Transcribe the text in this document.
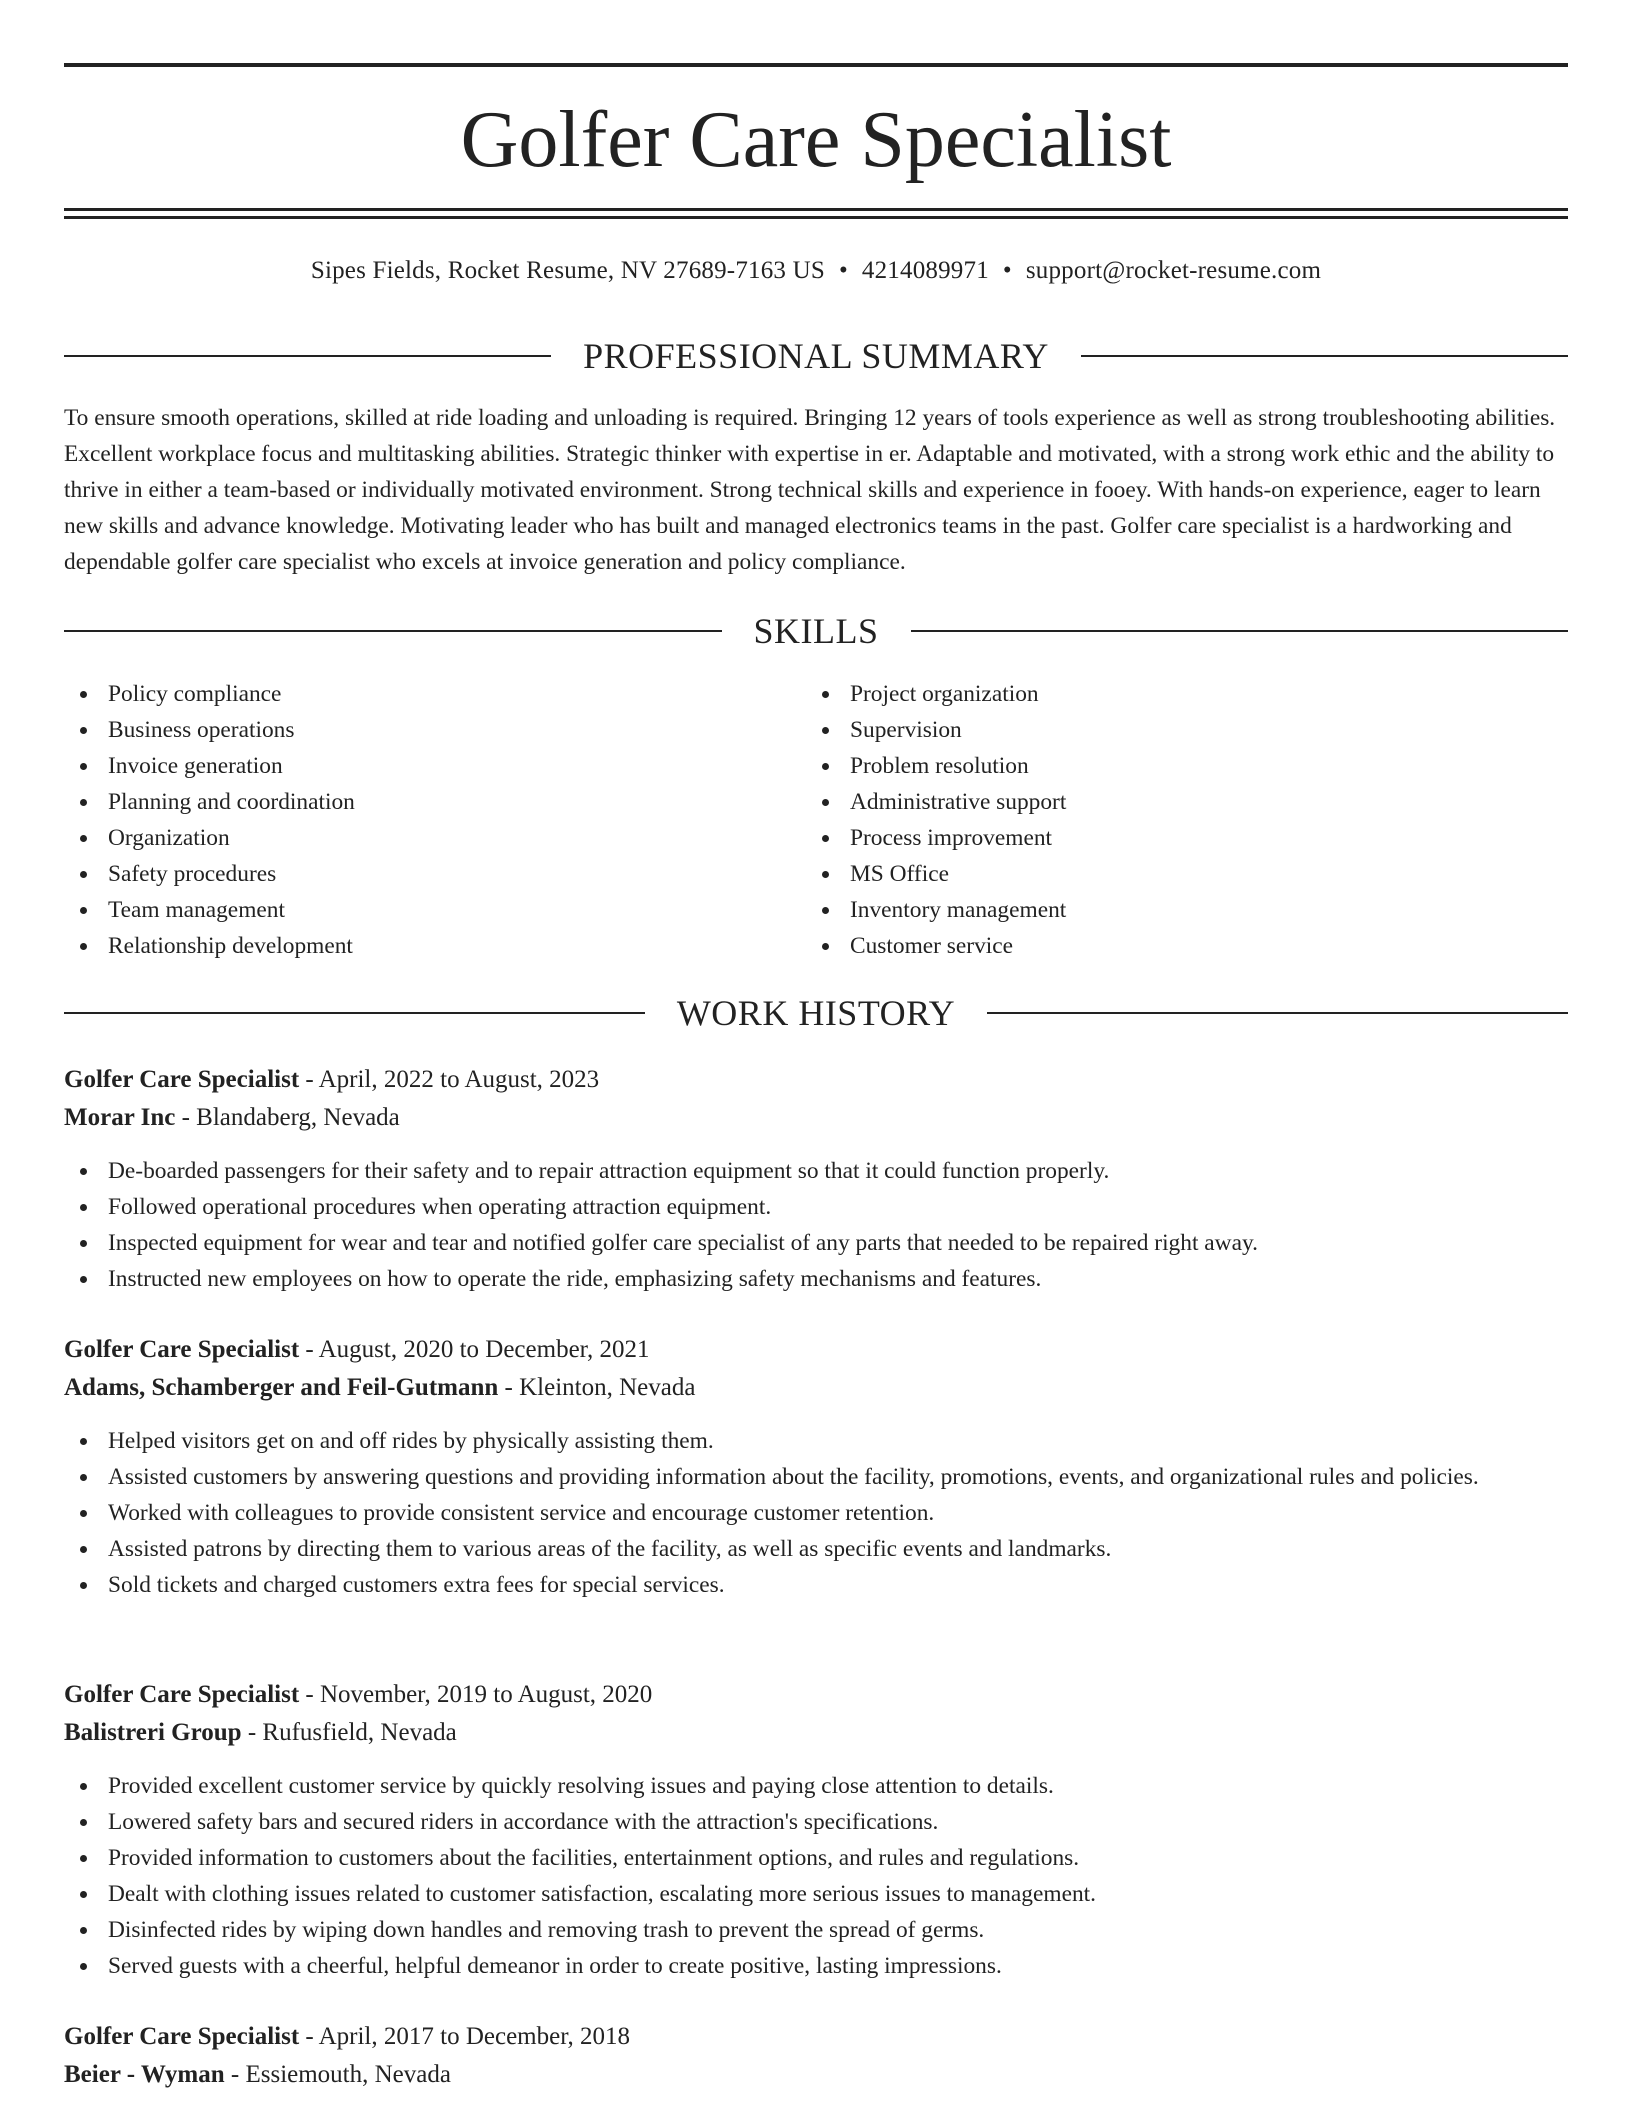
Golfer Care Specialist
Sipes Fields, Rocket Resume, NV 27689-7163 US • 4214089971 • support@rocket-resume.com
PROFESSIONAL SUMMARY

To ensure smooth operations, skilled at ride loading and unloading is required. Bringing 12 years of tools experience as well as strong troubleshooting abilities. Excellent workplace focus and multitasking abilities. Strategic thinker with expertise in er. Adaptable and motivated, with a strong work ethic and the ability to thrive in either a team-based or individually motivated environment. Strong technical skills and experience in fooey. With hands-on experience, eager to learn new skills and advance knowledge. Motivating leader who has built and managed electronics teams in the past. Golfer care specialist is a hardworking and dependable golfer care specialist who excels at invoice generation and policy compliance.

SKILLS
Policy compliance
Business operations
Invoice generation
Planning and coordination
Organization
Safety procedures
Team management
Relationship development
Project organization
Supervision
Problem resolution
Administrative support
Process improvement
MS Office
Inventory management
Customer service
WORK HISTORY
Golfer Care Specialist - April, 2022 to August, 2023
Morar Inc - Blandaberg, Nevada
De-boarded passengers for their safety and to repair attraction equipment so that it could function properly.
Followed operational procedures when operating attraction equipment.
Inspected equipment for wear and tear and notified golfer care specialist of any parts that needed to be repaired right away.
Instructed new employees on how to operate the ride, emphasizing safety mechanisms and features.
Golfer Care Specialist - August, 2020 to December, 2021
Adams, Schamberger and Feil-Gutmann - Kleinton, Nevada
Helped visitors get on and off rides by physically assisting them.
Assisted customers by answering questions and providing information about the facility, promotions, events, and organizational rules and policies.
Worked with colleagues to provide consistent service and encourage customer retention.
Assisted patrons by directing them to various areas of the facility, as well as specific events and landmarks.
Sold tickets and charged customers extra fees for special services.
Golfer Care Specialist - November, 2019 to August, 2020
Balistreri Group - Rufusfield, Nevada
Provided excellent customer service by quickly resolving issues and paying close attention to details.
Lowered safety bars and secured riders in accordance with the attraction's specifications.
Provided information to customers about the facilities, entertainment options, and rules and regulations.
Dealt with clothing issues related to customer satisfaction, escalating more serious issues to management.
Disinfected rides by wiping down handles and removing trash to prevent the spread of germs.
Served guests with a cheerful, helpful demeanor in order to create positive, lasting impressions.
Golfer Care Specialist - April, 2017 to December, 2018
Beier - Wyman - Essiemouth, Nevada
